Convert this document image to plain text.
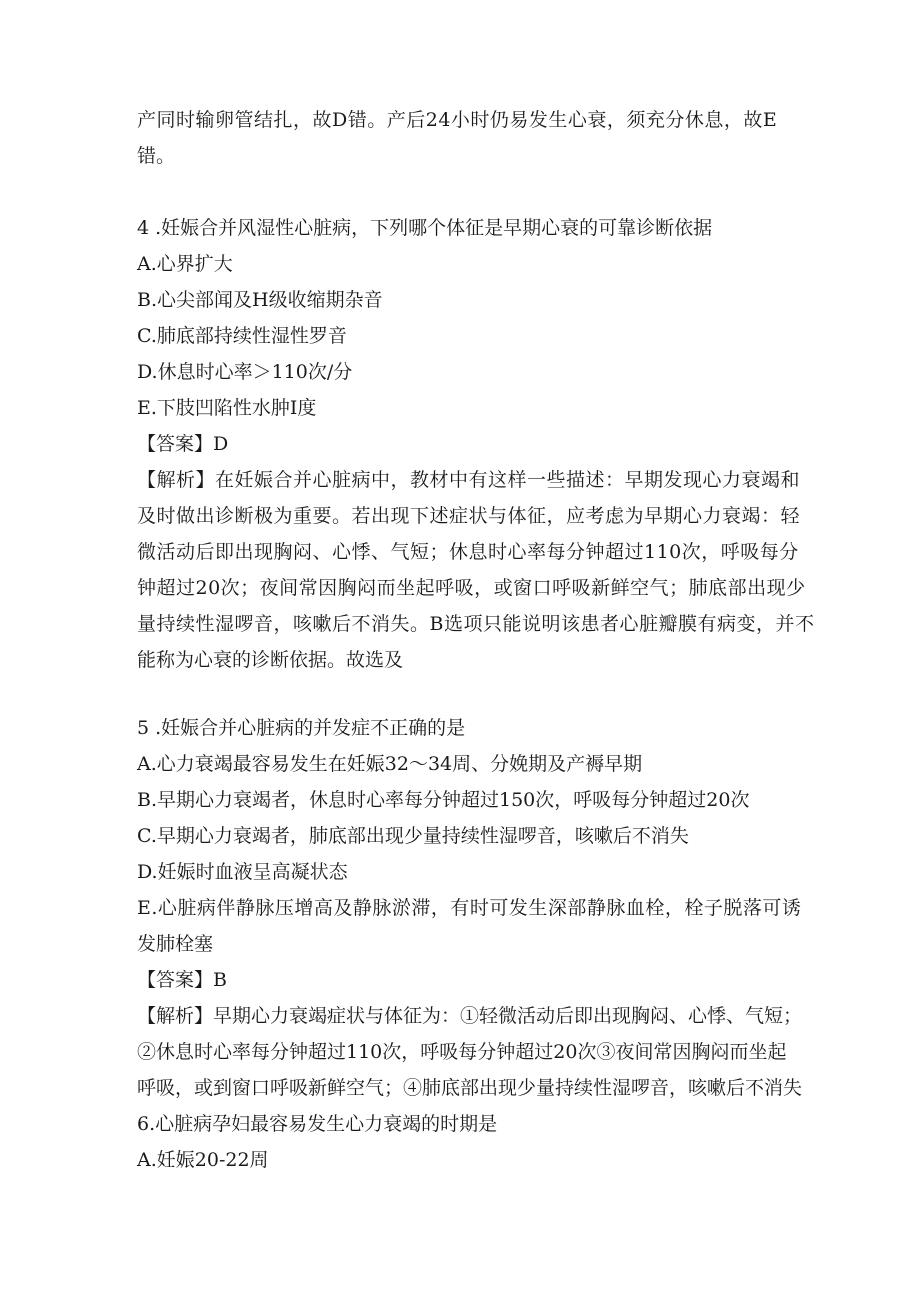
产同时输卵管结扎，故D错。产后24小时仍易发生心衰，须充分休息，故E
错。
4 .妊娠合并风湿性心脏病，下列哪个体征是早期心衰的可靠诊断依据
A.心界扩大
B.心尖部闻及H级收缩期杂音
C.肺底部持续性湿性罗音
D.休息时心率＞110次/分
E.下肢凹陷性水肿I度
【答案】D
【解析】在妊娠合并心脏病中，教材中有这样一些描述：早期发现心力衰竭和
及时做出诊断极为重要。若出现下述症状与体征，应考虑为早期心力衰竭：轻
微活动后即出现胸闷、心悸、气短；休息时心率每分钟超过110次，呼吸每分
钟超过20次；夜间常因胸闷而坐起呼吸，或窗口呼吸新鲜空气；肺底部出现少
量持续性湿啰音，咳嗽后不消失。B选项只能说明该患者心脏瓣膜有病变，并不
能称为心衰的诊断依据。故选及
5 .妊娠合并心脏病的并发症不正确的是
A.心力衰竭最容易发生在妊娠32～34周、分娩期及产褥早期
B.早期心力衰竭者，休息时心率每分钟超过150次，呼吸每分钟超过20次
C.早期心力衰竭者，肺底部出现少量持续性湿啰音，咳嗽后不消失
D.妊娠时血液呈高凝状态
E.心脏病伴静脉压增高及静脉淤滞，有时可发生深部静脉血栓，栓子脱落可诱
发肺栓塞
【答案】B
【解析】早期心力衰竭症状与体征为：①轻微活动后即出现胸闷、心悸、气短；
②休息时心率每分钟超过110次，呼吸每分钟超过20次③夜间常因胸闷而坐起
呼吸，或到窗口呼吸新鲜空气；④肺底部出现少量持续性湿啰音，咳嗽后不消失
6.心脏病孕妇最容易发生心力衰竭的时期是
A.妊娠20-22周
